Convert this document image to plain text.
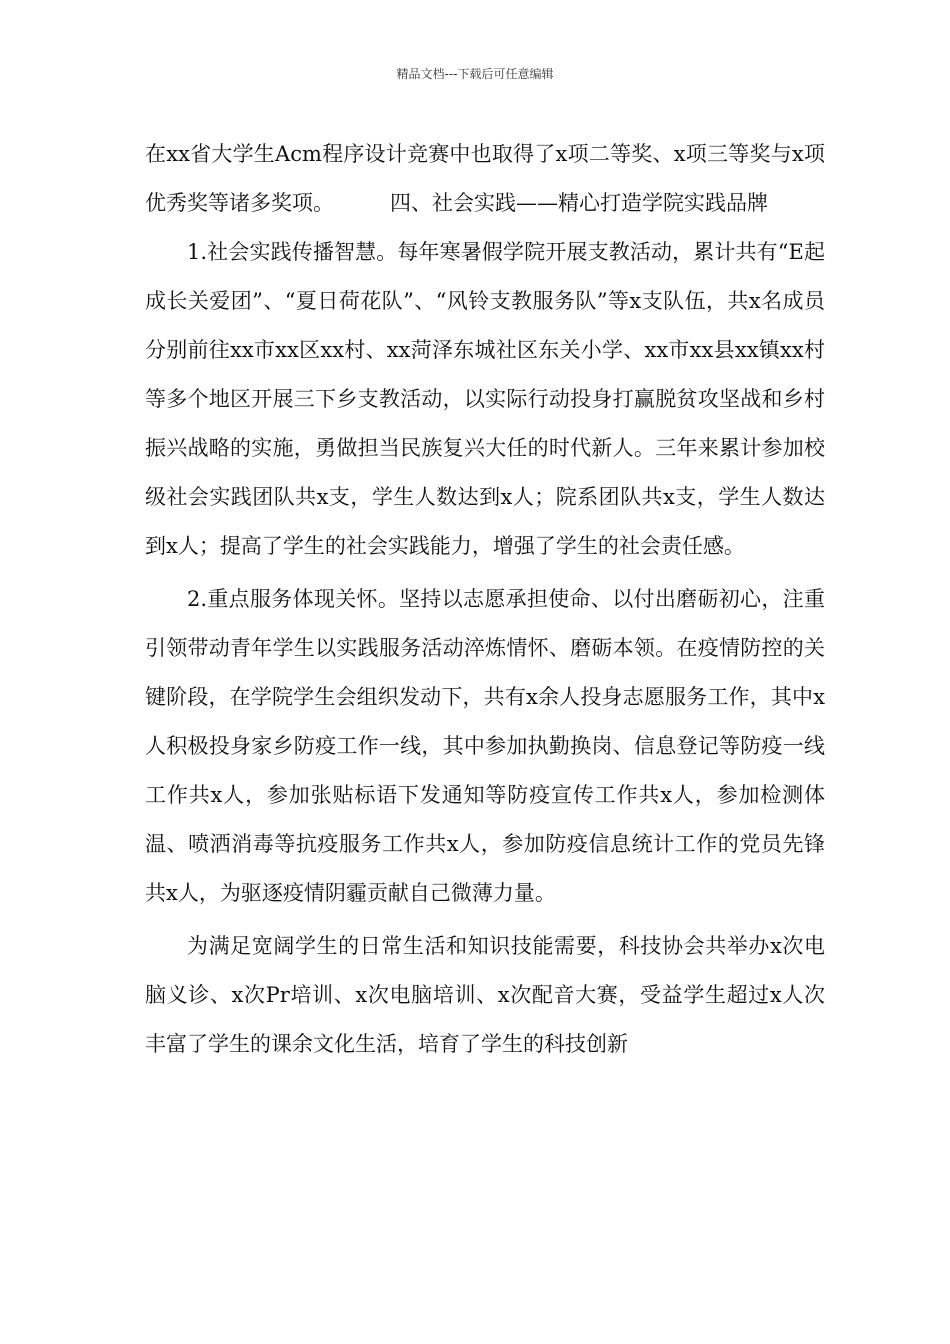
精品文档---下载后可任意编辑

在xx省大学生Acm程序设计竞赛中也取得了x项二等奖、x项三等奖与x项优秀奖等诸多奖项。	四、社会实践——精心打造学院实践品牌

1.社会实践传播智慧。每年寒暑假学院开展支教活动，累计共有“E起成长关爱团”、“夏日荷花队”、“风铃支教服务队”等x支队伍，共x名成员分别前往xx市xx区xx村、xx菏泽东城社区东关小学、xx市xx县xx镇xx村等多个地区开展三下乡支教活动，以实际行动投身打赢脱贫攻坚战和乡村振兴战略的实施，勇做担当民族复兴大任的时代新人。三年来累计参加校级社会实践团队共x支，学生人数达到x人；院系团队共x支，学生人数达到x人；提高了学生的社会实践能力，增强了学生的社会责任感。

2.重点服务体现关怀。坚持以志愿承担使命、以付出磨砺初心，注重引领带动青年学生以实践服务活动淬炼情怀、磨砺本领。在疫情防控的关键阶段，在学院学生会组织发动下，共有x余人投身志愿服务工作，其中x人积极投身家乡防疫工作一线，其中参加执勤换岗、信息登记等防疫一线工作共x人，参加张贴标语下发通知等防疫宣传工作共x人，参加检测体温、喷洒消毒等抗疫服务工作共x人，参加防疫信息统计工作的党员先锋共x人，为驱逐疫情阴霾贡献自己微薄力量。

为满足宽阔学生的日常生活和知识技能需要，科技协会共举办x次电脑义诊、x次Pr培训、x次电脑培训、x次配音大赛，受益学生超过x人次丰富了学生的课余文化生活，培育了学生的科技创新
